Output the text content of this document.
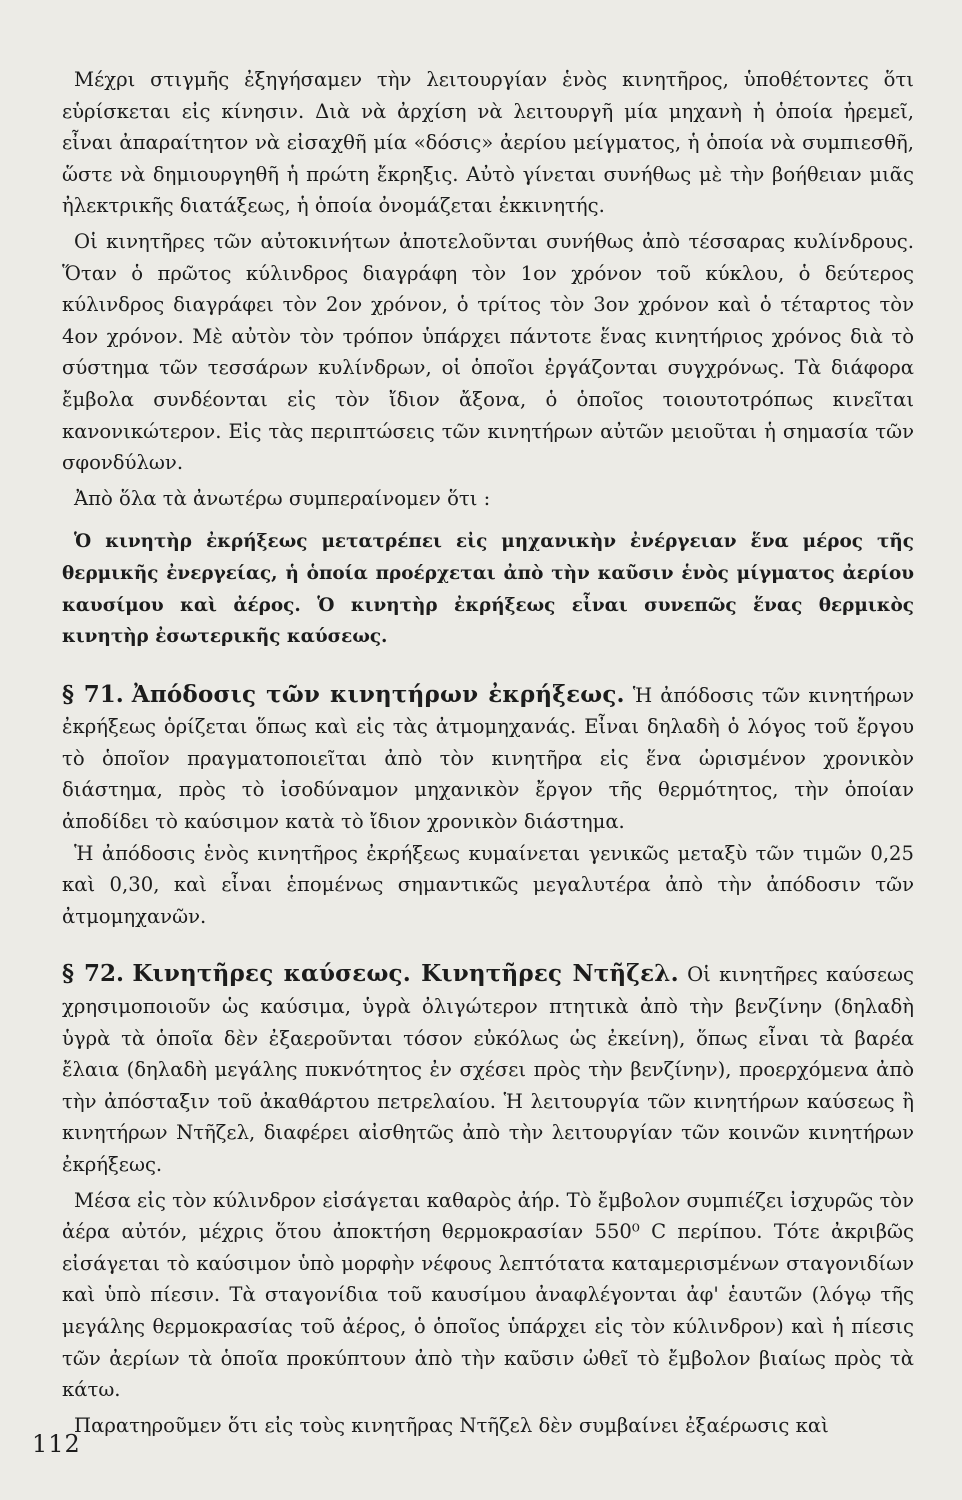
Μέχρι στιγμῆς ἐξηγήσαμεν τὴν λειτουργίαν ἑνὸς κινητῆρος, ὑποθέτοντες ὅτι εὑρίσκεται εἰς κίνησιν. Διὰ νὰ ἀρχίση νὰ λειτουργῆ μία μηχανὴ ἡ ὁποία ἠρεμεῖ, εἶναι ἀπαραίτητον νὰ εἰσαχθῆ μία «δόσις» ἀερίου μείγματος, ἡ ὁποία νὰ συμπιεσθῆ, ὥστε νὰ δημιουργηθῆ ἡ πρώτη ἔκρηξις. Αὐτὸ γίνεται συνήθως μὲ τὴν βοήθειαν μιᾶς ἠλεκτρικῆς διατάξεως, ἡ ὁποία ὀνομάζεται ἐκκινητής.

Οἱ κινητῆρες τῶν αὐτοκινήτων ἀποτελοῦνται συνήθως ἀπὸ τέσσαρας κυλίνδρους. Ὅταν ὁ πρῶτος κύλινδρος διαγράφη τὸν 1ον χρόνον τοῦ κύκλου, ὁ δεύτερος κύλινδρος διαγράφει τὸν 2ον χρόνον, ὁ τρίτος τὸν 3ον χρόνον καὶ ὁ τέταρτος τὸν 4ον χρόνον. Μὲ αὐτὸν τὸν τρόπον ὑπάρχει πάντοτε ἕνας κινητήριος χρόνος διὰ τὸ σύστημα τῶν τεσσάρων κυλίνδρων, οἱ ὁποῖοι ἐργάζονται συγχρόνως. Τὰ διάφορα ἔμβολα συνδέονται εἰς τὸν ἴδιον ἄξονα, ὁ ὁποῖος τοιουτοτρόπως κινεῖται κανονικώτερον. Εἰς τὰς περιπτώσεις τῶν κινητήρων αὐτῶν μειοῦται ἡ σημασία τῶν σφονδύλων.

Ἀπὸ ὅλα τὰ ἀνωτέρω συμπεραίνομεν ὅτι :

Ὁ κινητὴρ ἐκρήξεως μετατρέπει εἰς μηχανικὴν ἐνέργειαν ἕνα μέρος τῆς θερμικῆς ἐνεργείας, ἡ ὁποία προέρχεται ἀπὸ τὴν καῦσιν ἑνὸς μίγματος ἀερίου καυσίμου καὶ ἀέρος. Ὁ κινητὴρ ἐκρήξεως εἶναι συνεπῶς ἕνας θερμικὸς κινητὴρ ἐσωτερικῆς καύσεως.

§ 71. Ἀπόδοσις τῶν κινητήρων ἐκρήξεως. Ἡ ἀπόδοσις τῶν κινητήρων ἐκρήξεως ὁρίζεται ὅπως καὶ εἰς τὰς ἀτμομηχανάς. Εἶναι δηλαδὴ ὁ λόγος τοῦ ἔργου τὸ ὁποῖον πραγματοποιεῖται ἀπὸ τὸν κινητῆρα εἰς ἕνα ὡρισμένον χρονικὸν διάστημα, πρὸς τὸ ἰσοδύναμον μηχανικὸν ἔργον τῆς θερμότητος, τὴν ὁποίαν ἀποδίδει τὸ καύσιμον κατὰ τὸ ἴδιον χρονικὸν διάστημα.

Ἡ ἀπόδοσις ἑνὸς κινητῆρος ἐκρήξεως κυμαίνεται γενικῶς μεταξὺ τῶν τιμῶν 0,25 καὶ 0,30, καὶ εἶναι ἑπομένως σημαντικῶς μεγαλυτέρα ἀπὸ τὴν ἀπόδοσιν τῶν ἀτμομηχανῶν.

§ 72. Κινητῆρες καύσεως. Κινητῆρες Ντῆζελ. Οἱ κινητῆρες καύσεως χρησιμοποιοῦν ὡς καύσιμα, ὑγρὰ ὀλιγώτερον πτητικὰ ἀπὸ τὴν βενζίνην (δηλαδὴ ὑγρὰ τὰ ὁποῖα δὲν ἐξαεροῦνται τόσον εὐκόλως ὡς ἐκείνη), ὅπως εἶναι τὰ βαρέα ἔλαια (δηλαδὴ μεγάλης πυκνότητος ἐν σχέσει πρὸς τὴν βενζίνην), προερχόμενα ἀπὸ τὴν ἀπόσταξιν τοῦ ἀκαθάρτου πετρελαίου. Ἡ λειτουργία τῶν κινητήρων καύσεως ἢ κινητήρων Ντῆζελ, διαφέρει αἰσθητῶς ἀπὸ τὴν λειτουργίαν τῶν κοινῶν κινητήρων ἐκρήξεως.

Μέσα εἰς τὸν κύλινδρον εἰσάγεται καθαρὸς ἀήρ. Τὸ ἔμβολον συμπιέζει ἰσχυρῶς τὸν ἀέρα αὐτόν, μέχρις ὅτου ἀποκτήση θερμοκρασίαν 550⁰ C περίπου. Τότε ἀκριβῶς εἰσάγεται τὸ καύσιμον ὑπὸ μορφὴν νέφους λεπτότατα καταμερισμένων σταγονιδίων καὶ ὑπὸ πίεσιν. Τὰ σταγονίδια τοῦ καυσίμου ἀναφλέγονται ἀφ' ἑαυτῶν (λόγῳ τῆς μεγάλης θερμοκρασίας τοῦ ἀέρος, ὁ ὁποῖος ὑπάρχει εἰς τὸν κύλινδρον) καὶ ἡ πίεσις τῶν ἀερίων τὰ ὁποῖα προκύπτουν ἀπὸ τὴν καῦσιν ὠθεῖ τὸ ἔμβολον βιαίως πρὸς τὰ κάτω.

Παρατηροῦμεν ὅτι εἰς τοὺς κινητῆρας Ντῆζελ δὲν συμβαίνει ἐξαέρωσις καὶ

112
